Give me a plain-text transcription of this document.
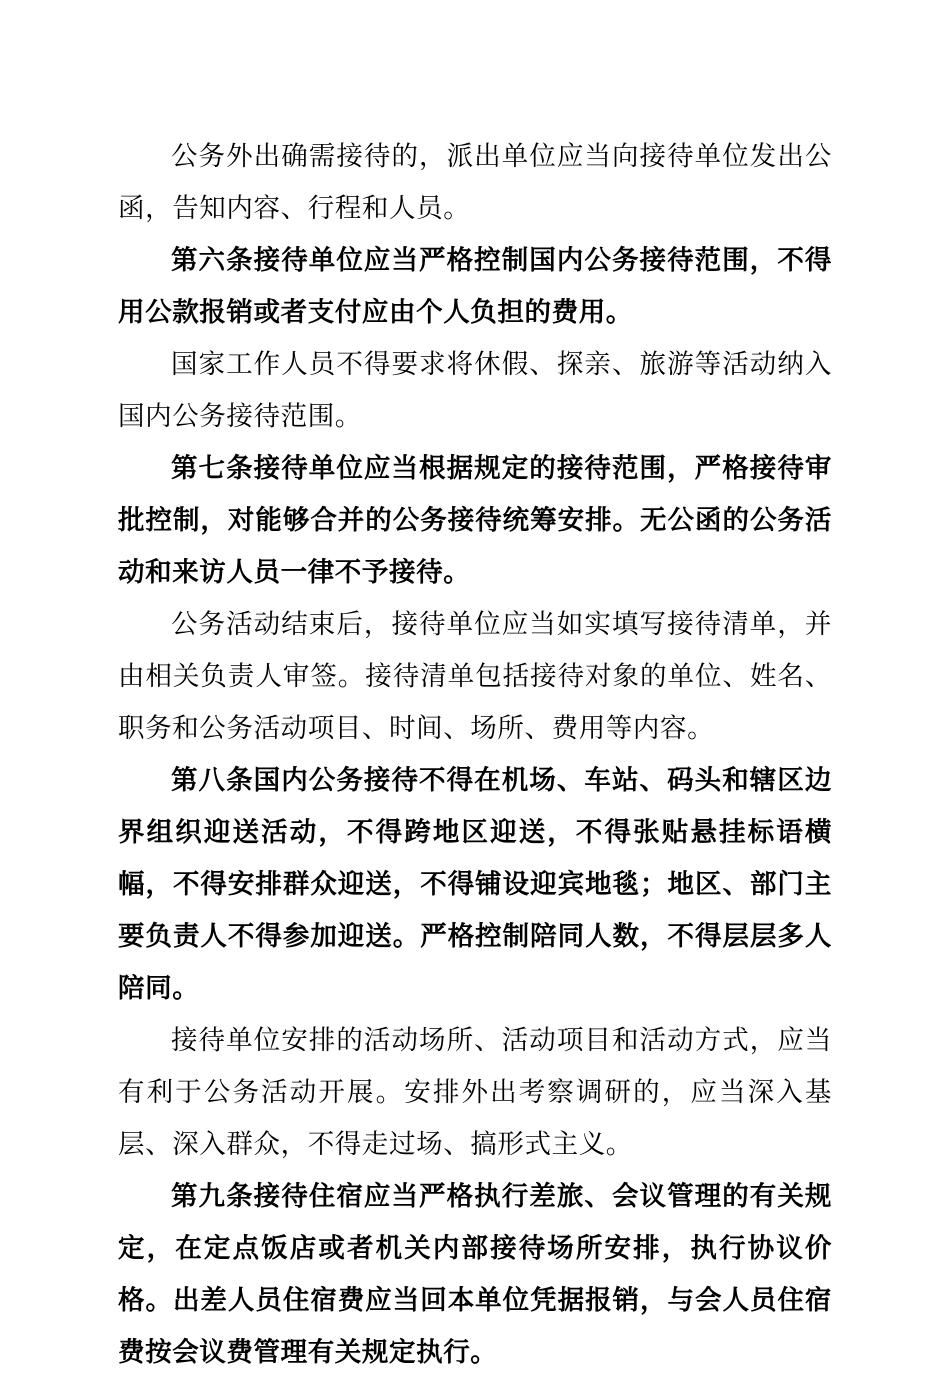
公务外出确需接待的，派出单位应当向接待单位发出公函，告知内容、行程和人员。

第六条接待单位应当严格控制国内公务接待范围，不得用公款报销或者支付应由个人负担的费用。

国家工作人员不得要求将休假、探亲、旅游等活动纳入国内公务接待范围。

第七条接待单位应当根据规定的接待范围，严格接待审批控制，对能够合并的公务接待统筹安排。无公函的公务活动和来访人员一律不予接待。

公务活动结束后，接待单位应当如实填写接待清单，并由相关负责人审签。接待清单包括接待对象的单位、姓名、职务和公务活动项目、时间、场所、费用等内容。

第八条国内公务接待不得在机场、车站、码头和辖区边界组织迎送活动，不得跨地区迎送，不得张贴悬挂标语横幅，不得安排群众迎送，不得铺设迎宾地毯；地区、部门主要负责人不得参加迎送。严格控制陪同人数，不得层层多人陪同。

接待单位安排的活动场所、活动项目和活动方式，应当有利于公务活动开展。安排外出考察调研的，应当深入基层、深入群众，不得走过场、搞形式主义。

第九条接待住宿应当严格执行差旅、会议管理的有关规定，在定点饭店或者机关内部接待场所安排，执行协议价格。出差人员住宿费应当回本单位凭据报销，与会人员住宿费按会议费管理有关规定执行。
